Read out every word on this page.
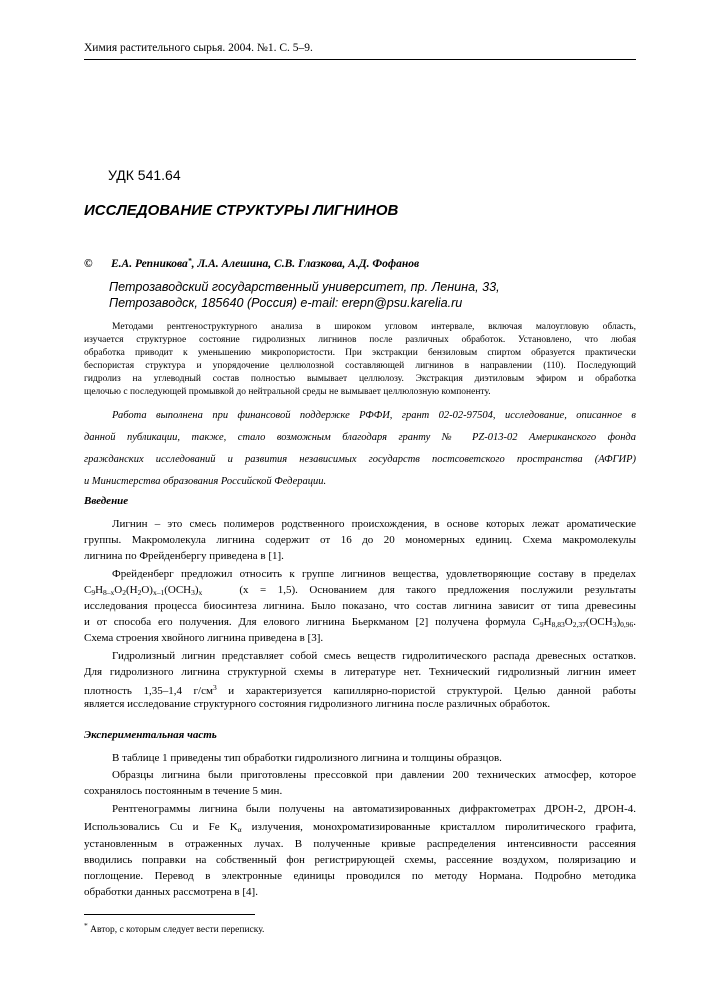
Химия растительного сырья. 2004. №1. С. 5–9.
УДК 541.64
ИССЛЕДОВАНИЕ СТРУКТУРЫ ЛИГНИНОВ
© Е.А. Репникова*, Л.А. Алешина, С.В. Глазкова, А.Д. Фофанов
Петрозаводский государственный университет, пр. Ленина, 33,
Петрозаводск, 185640 (Россия) e-mail: erepn@psu.karelia.ru
Методами рентгеноструктурного анализа в широком угловом интервале, включая малоугловую область,
изучается структурное состояние гидролизных лигнинов после различных обработок. Установлено, что любая
обработка приводит к уменьшению микропористости. При экстракции бензиловым спиртом образуется практически
беспористая структура и упорядочение целлюлозной составляющей лигнинов в направлении (110). Последующий
гидролиз на углеводный состав полностью вымывает целлюлозу. Экстракция диэтиловым эфиром и обработка
щелочью с последующей промывкой до нейтральной среды не вымывает целлюлозную компоненту.
Работа выполнена при финансовой поддержке РФФИ, грант 02-02-97504, исследование, описанное в
данной публикации, также, стало возможным благодаря гранту № PZ-013-02 Американского фонда
гражданских исследований и развития независимых государств постсоветского пространства (АФГИР)
и Министерства образования Российской Федерации.
Введение
Лигнин – это смесь полимеров родственного происхождения, в основе которых лежат ароматические
группы. Макромолекула лигнина содержит от 16 до 20 мономерных единиц. Схема макромолекулы
лигнина по Фрейденбергу приведена в [1].
Фрейденберг предложил относить к группе лигнинов вещества, удовлетворяющие составу в пределах
$C_9H_{8-x}O_2(H_2O)_{x-1}(OCH_3)_x$	(x = 1,5). Основанием для такого предложения послужили результаты
исследования процесса биосинтеза лигнина. Было показано, что состав лигнина зависит от типа древесины
и от способа его получения. Для елового лигнина Бьеркманом [2] получена формула $C_9H_{8,83}O_{2,37}(OCH_3)_{0,96}$.
Схема строения хвойного лигнина приведена в [3].
Гидролизный лигнин представляет собой смесь веществ гидролитического распада древесных остатков.
Для гидролизного лигнина структурной схемы в литературе нет. Технический гидролизный лигнин имеет
плотность 1,35–1,4 $г/см^3$ и характеризуется капиллярно-пористой структурой. Целью данной работы
является исследование структурного состояния гидролизного лигнина после различных обработок.
Экспериментальная часть
В таблице 1 приведены тип обработки гидролизного лигнина и толщины образцов.
Образцы лигнина были приготовлены прессовкой при давлении 200 технических атмосфер, которое
сохранялось постоянным в течение 5 мин.
Рентгенограммы лигнина были получены на автоматизированных дифрактометрах ДРОН-2, ДРОН-4.
Использовались Cu и Fe $K_\alpha$ излучения, монохроматизированные кристаллом пиролитического графита,
установленным в отраженных лучах. В полученные кривые распределения интенсивности рассеяния
вводились поправки на собственный фон регистрирующей схемы, рассеяние воздухом, поляризацию и
поглощение. Перевод в электронные единицы проводился по методу Нормана. Подробно методика
обработки данных рассмотрена в [4].
* Автор, с которым следует вести переписку.
